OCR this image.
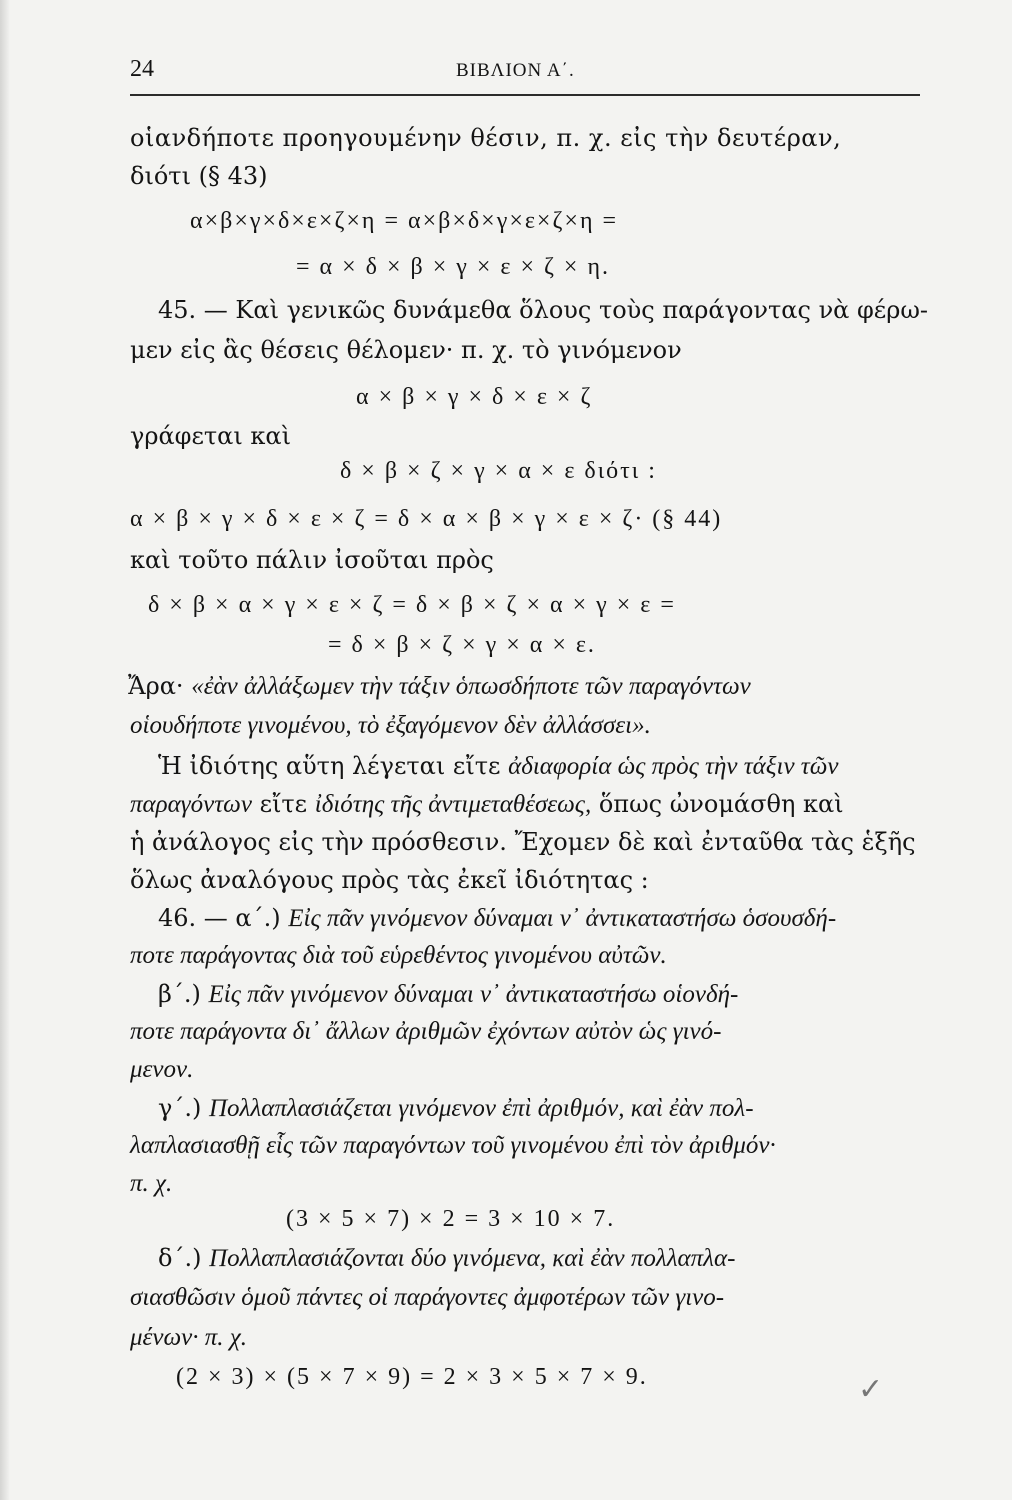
24	ΒΙΒΛΙΟΝ Α΄.
οἱανδήποτε προηγουμένην θέσιν, π. χ. εἰς τὴν δευτέραν,
διότι (§ 43)
α×β×γ×δ×ε×ζ×η = α×β×δ×γ×ε×ζ×η =
= α × δ × β × γ × ε × ζ × η.
45. — Καὶ γενικῶς δυνάμεθα ὅλους τοὺς παράγοντας νὰ φέρω-
μεν εἰς ἃς θέσεις θέλομεν· π. χ. τὸ γινόμενον
α × β × γ × δ × ε × ζ
γράφεται καὶ
δ × β × ζ × γ × α × ε διότι :
α × β × γ × δ × ε × ζ = δ × α × β × γ × ε × ζ· (§ 44)
καὶ τοῦτο πάλιν ἰσοῦται πρὸς
δ × β × α × γ × ε × ζ = δ × β × ζ × α × γ × ε =
= δ × β × ζ × γ × α × ε.
Ἄρα· «ἐὰν ἀλλάξωμεν τὴν τάξιν ὁπωσδήποτε τῶν παραγόντων
οἱουδήποτε γινομένου, τὸ ἐξαγόμενον δὲν ἀλλάσσει».
Ἡ ἰδιότης αὕτη λέγεται εἴτε ἀδιαφορία ὡς πρὸς τὴν τάξιν τῶν
παραγόντων εἴτε ἰδιότης τῆς ἀντιμεταθέσεως, ὅπως ὠνομάσθη καὶ
ἡ ἀνάλογος εἰς τὴν πρόσθεσιν. Ἔχομεν δὲ καὶ ἐνταῦθα τὰς ἑξῆς
ὅλως ἀναλόγους πρὸς τὰς ἐκεῖ ἰδιότητας :
46. — α΄.) Εἰς πᾶν γινόμενον δύναμαι ν᾿ ἀντικαταστήσω ὁσουσδή-
ποτε παράγοντας διὰ τοῦ εὑρεθέντος γινομένου αὐτῶν.
β΄.) Εἰς πᾶν γινόμενον δύναμαι ν᾿ ἀντικαταστήσω οἱονδή-
ποτε παράγοντα δι᾿ ἄλλων ἀριθμῶν ἐχόντων αὐτὸν ὡς γινό-
μενον.
γ΄.) Πολλαπλασιάζεται γινόμενον ἐπὶ ἀριθμόν, καὶ ἐὰν πολ-
λαπλασιασθῇ εἷς τῶν παραγόντων τοῦ γινομένου ἐπὶ τὸν ἀριθμόν·
π. χ.
(3 × 5 × 7) × 2 = 3 × 10 × 7.
δ΄.) Πολλαπλασιάζονται δύο γινόμενα, καὶ ἐὰν πολλαπλα-
σιασθῶσιν ὁμοῦ πάντες οἱ παράγοντες ἀμφοτέρων τῶν γινο-
μένων· π. χ.
(2 × 3) × (5 × 7 × 9) = 2 × 3 × 5 × 7 × 9.	✓
